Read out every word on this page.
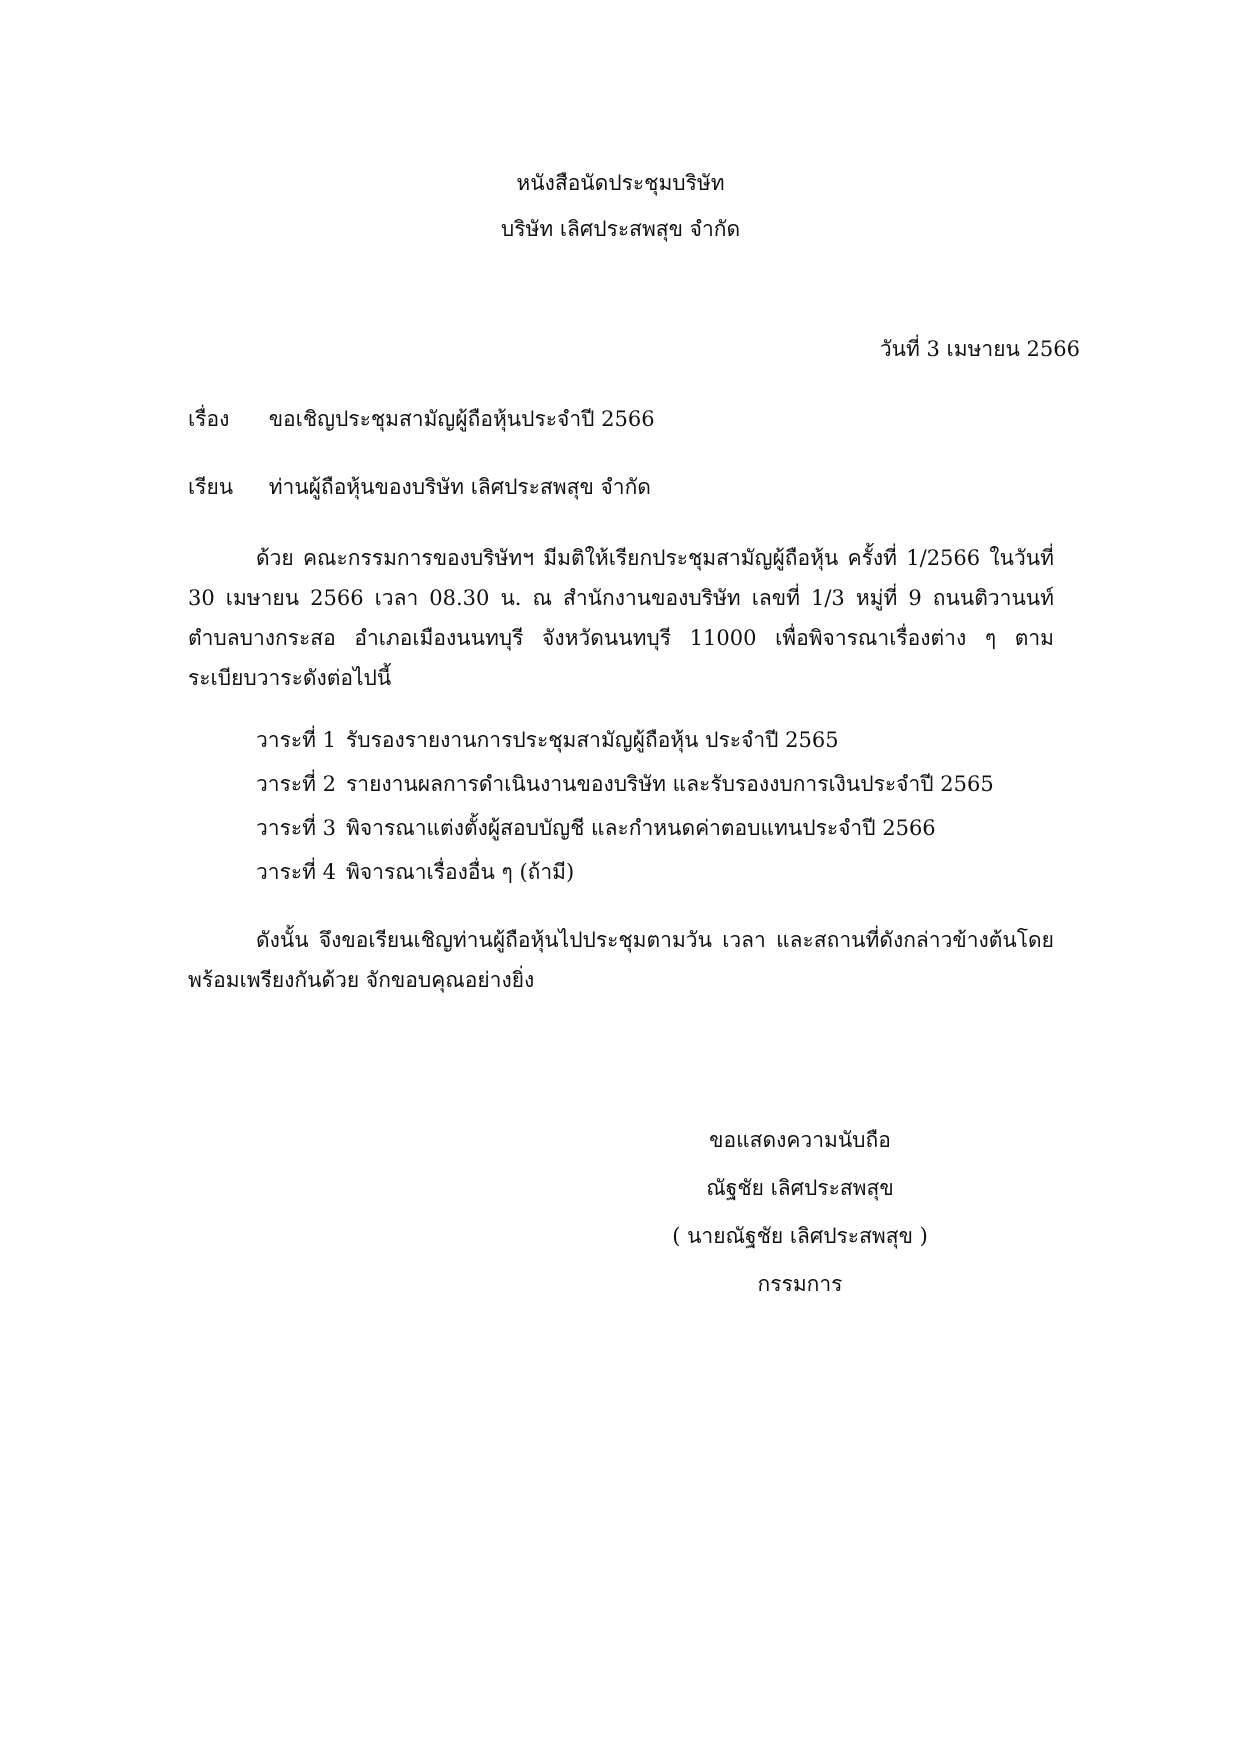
หนังสือนัดประชุมบริษัท
บริษัท เลิศประสพสุข จำกัด
วันที่ 3 เมษายน 2566
เรื่อง ขอเชิญประชุมสามัญผู้ถือหุ้นประจำปี 2566
เรียน ท่านผู้ถือหุ้นของบริษัท เลิศประสพสุข จำกัด
ด้วย คณะกรรมการของบริษัทฯ มีมติให้เรียกประชุมสามัญผู้ถือหุ้น ครั้งที่ 1/2566 ในวันที่ 30 เมษายน 2566 เวลา 08.30 น. ณ สำนักงานของบริษัท เลขที่ 1/3 หมู่ที่ 9 ถนนติวานนท์ ตำบลบางกระสอ อำเภอเมืองนนทบุรี จังหวัดนนทบุรี 11000 เพื่อพิจารณาเรื่องต่าง ๆ ตามระเบียบวาระดังต่อไปนี้
วาระที่ 1 รับรองรายงานการประชุมสามัญผู้ถือหุ้น ประจำปี 2565
วาระที่ 2 รายงานผลการดำเนินงานของบริษัท และรับรองงบการเงินประจำปี 2565
วาระที่ 3 พิจารณาแต่งตั้งผู้สอบบัญชี และกำหนดค่าตอบแทนประจำปี 2566
วาระที่ 4 พิจารณาเรื่องอื่น ๆ (ถ้ามี)
ดังนั้น จึงขอเรียนเชิญท่านผู้ถือหุ้นไปประชุมตามวัน เวลา และสถานที่ดังกล่าวข้างต้นโดยพร้อมเพรียงกันด้วย จักขอบคุณอย่างยิ่ง
ขอแสดงความนับถือ
ณัฐชัย เลิศประสพสุข
( นายณัฐชัย เลิศประสพสุข )
กรรมการ
